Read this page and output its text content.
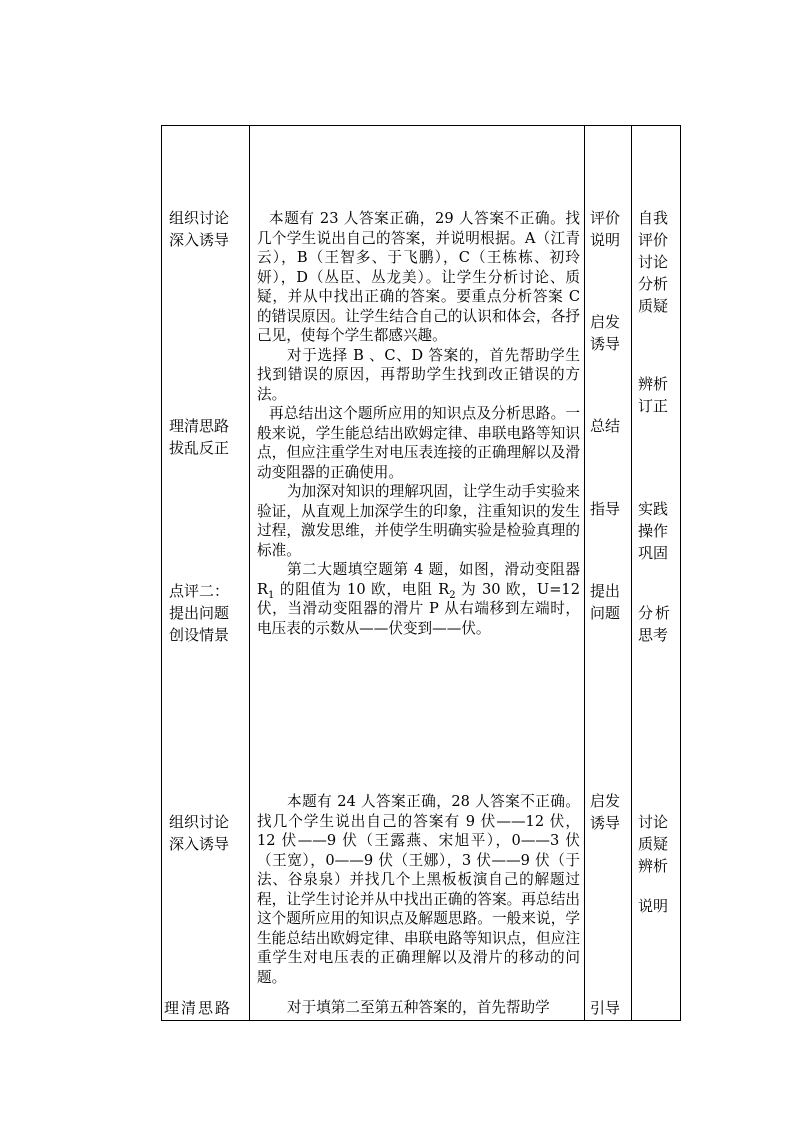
组织讨论
深入诱导
理清思路
拔乱反正
点评二：
提出问题
创设情景
组织讨论
深入诱导
理清思路

本题有 23 人答案正确，29 人答案不正确。找几个学生说出自己的答案，并说明根据。A（江青云），B（王智多、于飞鹏），C（王栋栋、初玲妍），D（丛臣、丛龙美）。让学生分析讨论、质疑，并从中找出正确的答案。要重点分析答案 C 的错误原因。让学生结合自己的认识和体会，各抒己见，使每个学生都感兴趣。

对于选择 B 、C、D 答案的，首先帮助学生找到错误的原因，再帮助学生找到改正错误的方法。

再总结出这个题所应用的知识点及分析思路。一般来说，学生能总结出欧姆定律、串联电路等知识点，但应注重学生对电压表连接的正确理解以及滑动变阻器的正确使用。

为加深对知识的理解巩固，让学生动手实验来验证，从直观上加深学生的印象，注重知识的发生过程，激发思维，并使学生明确实验是检验真理的标准。

第二大题填空题第 4 题，如图，滑动变阻器 $R_1$ 的阻值为 10 欧，电阻 $R_2$ 为 30 欧，U=12 伏，当滑动变阻器的滑片 P 从右端移到左端时，电压表的示数从——伏变到——伏。

本题有 24 人答案正确，28 人答案不正确。找几个学生说出自己的答案有 9 伏——12 伏，12 伏——9 伏（王露燕、宋旭平），0——3 伏（王宽），0——9 伏（王娜），3 伏——9 伏（于法、谷泉泉）并找几个上黑板板演自己的解题过程，让学生讨论并从中找出正确的答案。再总结出这个题所应用的知识点及解题思路。一般来说，学生能总结出欧姆定律、串联电路等知识点，但应注重学生对电压表的正确理解以及滑片的移动的问题。

对于填第二至第五种答案的，首先帮助学

评价
说明
启发
诱导
总结
指导
提出
问题
启发
诱导
引导
自我
评价
讨论
分析
质疑
辨析
订正
实践
操作
巩固
分析
思考
讨论
质疑
辨析
说明
